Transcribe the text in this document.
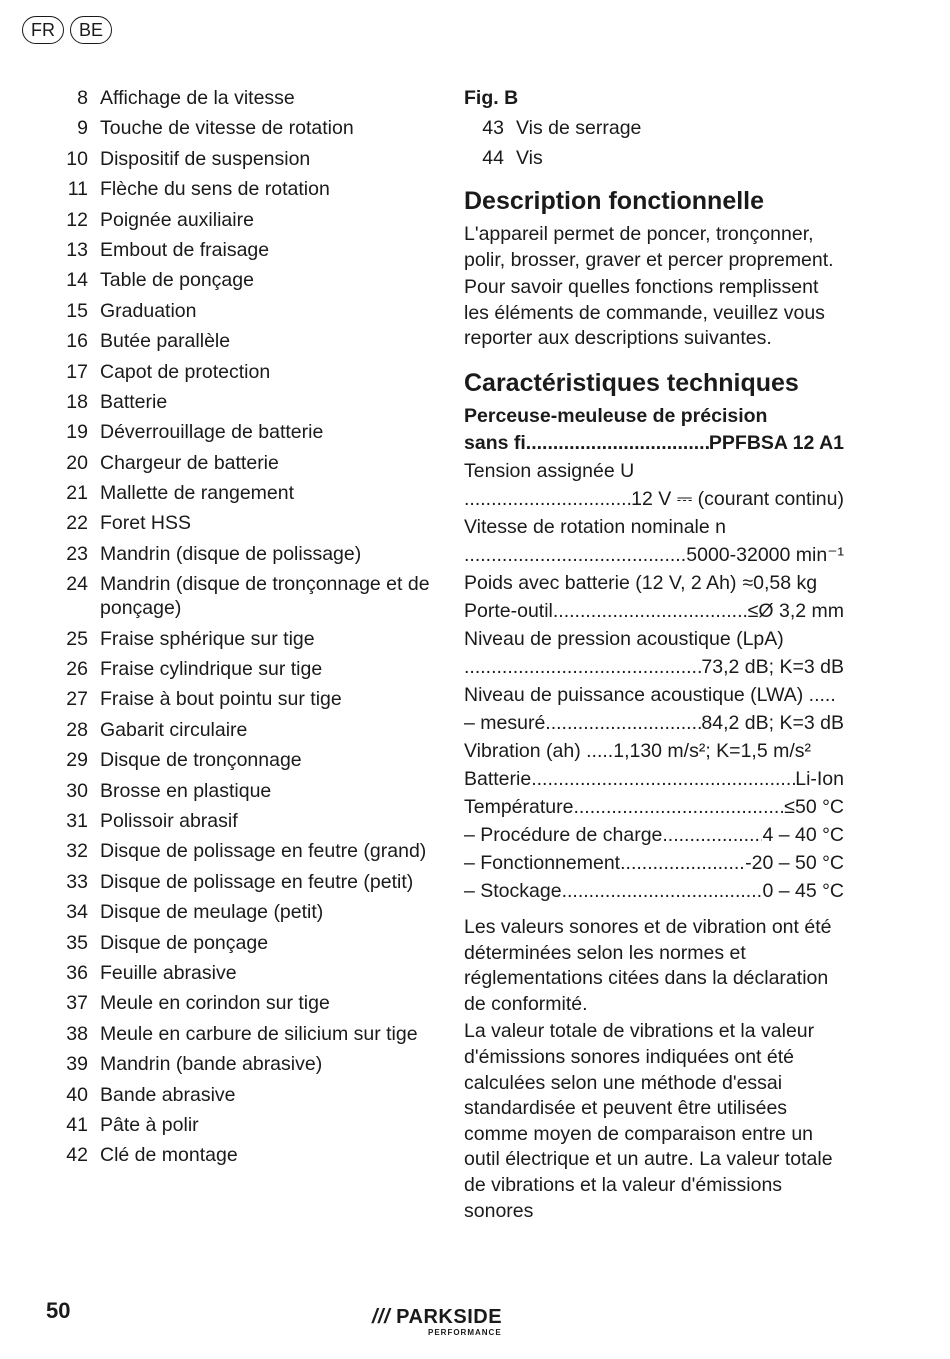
FR	BE
8 Affichage de la vitesse
9 Touche de vitesse de rotation
10 Dispositif de suspension
11 Flèche du sens de rotation
12 Poignée auxiliaire
13 Embout de fraisage
14 Table de ponçage
15 Graduation
16 Butée parallèle
17 Capot de protection
18 Batterie
19 Déverrouillage de batterie
20 Chargeur de batterie
21 Mallette de rangement
22 Foret HSS
23 Mandrin (disque de polissage)
24 Mandrin (disque de tronçonnage et de ponçage)
25 Fraise sphérique sur tige
26 Fraise cylindrique sur tige
27 Fraise à bout pointu sur tige
28 Gabarit circulaire
29 Disque de tronçonnage
30 Brosse en plastique
31 Polissoir abrasif
32 Disque de polissage en feutre (grand)
33 Disque de polissage en feutre (petit)
34 Disque de meulage (petit)
35 Disque de ponçage
36 Feuille abrasive
37 Meule en corindon sur tige
38 Meule en carbure de silicium sur tige
39 Mandrin (bande abrasive)
40 Bande abrasive
41 Pâte à polir
42 Clé de montage
Fig. B
43 Vis de serrage
44 Vis
Description fonctionnelle

L'appareil permet de poncer, tronçonner, polir, brosser, graver et percer proprement.

Pour savoir quelles fonctions remplissent les éléments de commande, veuillez vous reporter aux descriptions suivantes.

Caractéristiques techniques
Perceuse-meuleuse de précision
sans fi .....	PPFBSA 12 A1
Tension assignée U
.....
12 V ⎓ (courant continu)
Vitesse de rotation nominale n
.....
5000-32000 min⁻¹
Poids avec batterie (12 V, 2 Ah) ≈0,58 kg
Porte-outil .....	≤Ø 3,2 mm
Niveau de pression acoustique (LpA)
.....
73,2 dB; K=3 dB
Niveau de puissance acoustique (LWA) .....
– mesuré .....	84,2 dB; K=3 dB
Vibration (ah) ..... 1,130 m/s²; K=1,5 m/s²
Batterie .....	Li-Ion
Température .....	≤50 °C
– Procédure de charge .....	4 – 40 °C
– Fonctionnement .....	-20 – 50 °C
– Stockage .....	0 – 45 °C

Les valeurs sonores et de vibration ont été déterminées selon les normes et réglementations citées dans la déclaration de conformité.

La valeur totale de vibrations et la valeur d'émissions sonores indiquées ont été calculées selon une méthode d'essai standardisée et peuvent être utilisées comme moyen de comparaison entre un outil électrique et un autre. La valeur totale de vibrations et la valeur d'émissions sonores

50	/// PARKSIDE
PERFORMANCE
